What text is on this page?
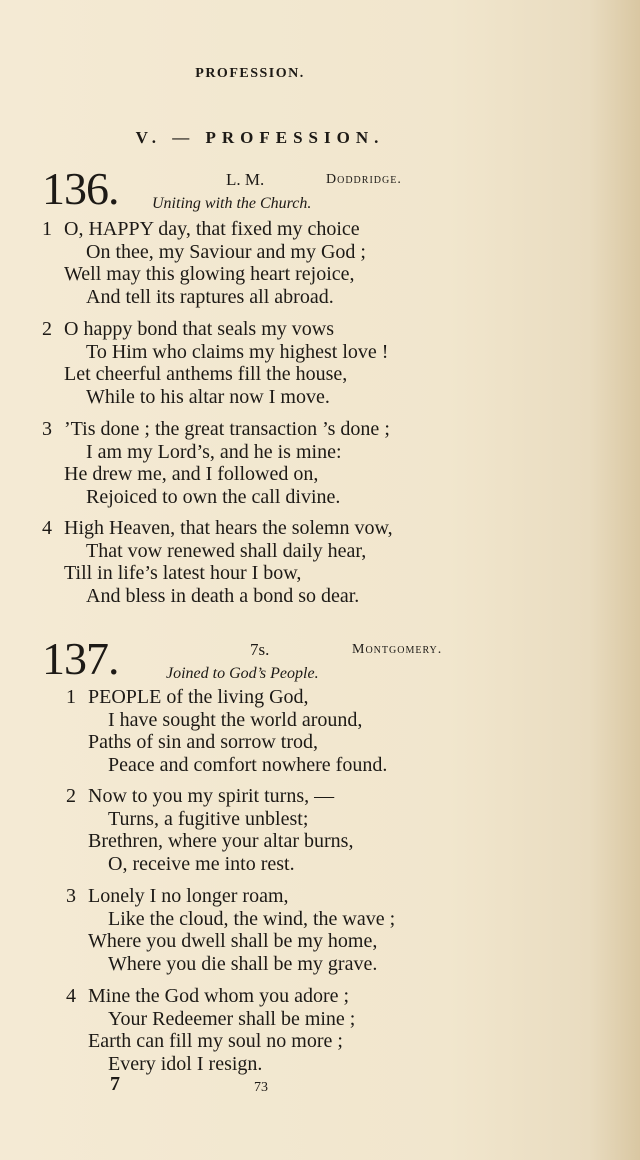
PROFESSION.
V. — PROFESSION.
136.	L. M.	Doddridge.
Uniting with the Church.
1 O, HAPPY day, that fixed my choice
On thee, my Saviour and my God ;
Well may this glowing heart rejoice,
And tell its raptures all abroad.
2 O happy bond that seals my vows
To Him who claims my highest love !
Let cheerful anthems fill the house,
While to his altar now I move.
3 ’Tis done ; the great transaction ’s done ;
I am my Lord’s, and he is mine:
He drew me, and I followed on,
Rejoiced to own the call divine.
4 High Heaven, that hears the solemn vow,
That vow renewed shall daily hear,
Till in life’s latest hour I bow,
And bless in death a bond so dear.
137.	7s.	Montgomery.
Joined to God’s People.
1 PEOPLE of the living God,
I have sought the world around,
Paths of sin and sorrow trod,
Peace and comfort nowhere found.
2 Now to you my spirit turns, —
Turns, a fugitive unblest;
Brethren, where your altar burns,
O, receive me into rest.
3 Lonely I no longer roam,
Like the cloud, the wind, the wave ;
Where you dwell shall be my home,
Where you die shall be my grave.
4 Mine the God whom you adore ;
Your Redeemer shall be mine ;
Earth can fill my soul no more ;
Every idol I resign.
7	73
